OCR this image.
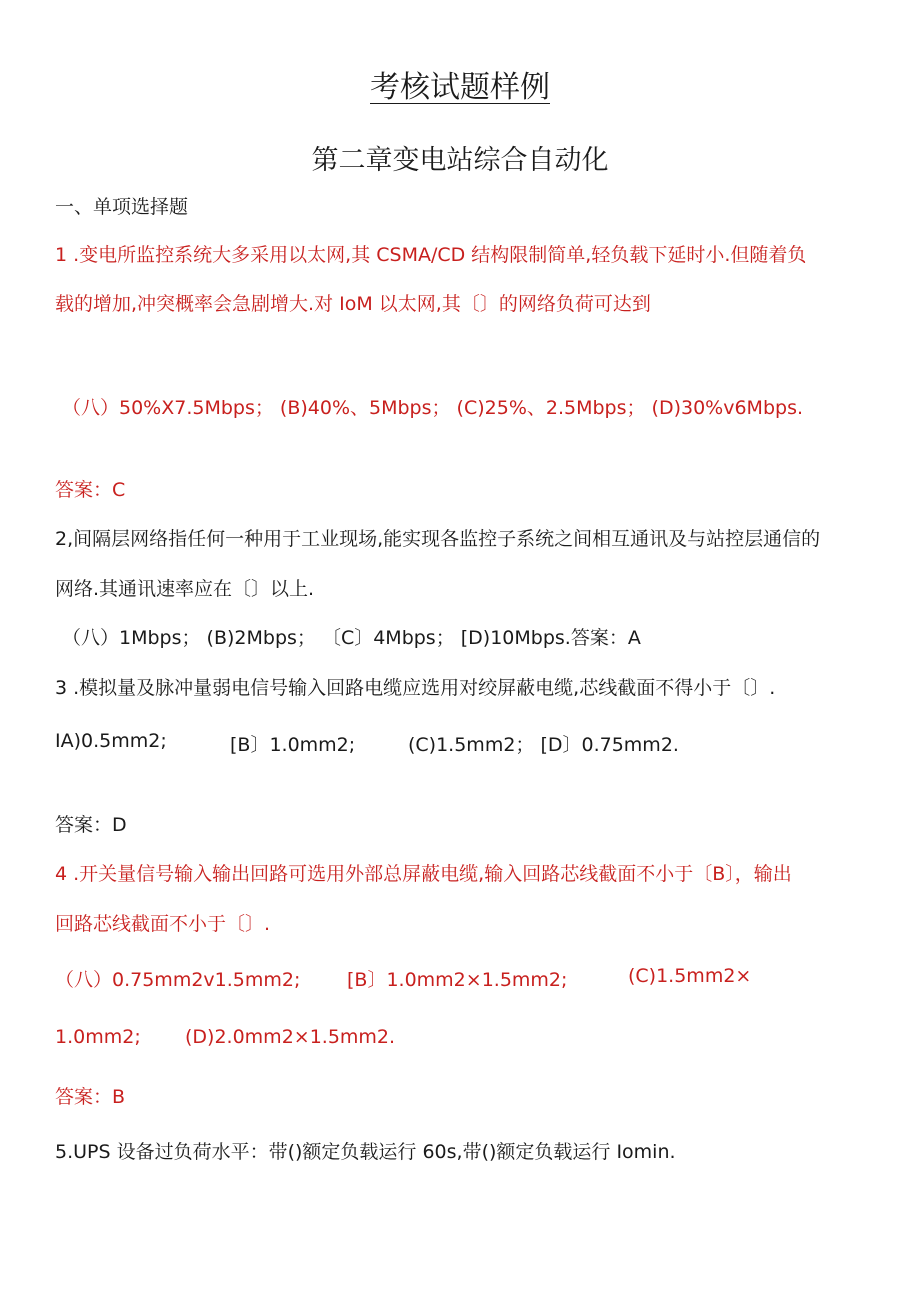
考核试题样例
第二章变电站综合自动化
一、单项选择题
1 .变电所监控系统大多采用以太网,其 CSMA/CD 结构限制简单,轻负载下延时小.但随着负
载的增加,冲突概率会急剧增大.对 IoM 以太网,其〔〕的网络负荷可达到
（八）50%X7.5Mbps； (B)40%、5Mbps； (C)25%、2.5Mbps； (D)30%v6Mbps.
答案：C
2,间隔层网络指任何一种用于工业现场,能实现各监控子系统之间相互通讯及与站控层通信的
网络.其通讯速率应在〔〕以上.
（八）1Mbps； (B)2Mbps； 〔C〕4Mbps； [D)10Mbps.答案：A
3 .模拟量及脉冲量弱电信号输入回路电缆应选用对绞屏蔽电缆,芯线截面不得小于〔〕.
IA)0.5mm2;	[B〕1.0mm2;	(C)1.5mm2； [D〕0.75mm2.
答案：D
4 .开关量信号输入输出回路可选用外部总屏蔽电缆,输入回路芯线截面不小于〔B〕，输出
回路芯线截面不小于〔〕.
（八）0.75mm2v1.5mm2; [B〕1.0mm2×1.5mm2;	(C)1.5mm2×
1.0mm2; (D)2.0mm2×1.5mm2.
答案：B
5.UPS 设备过负荷水平：带()额定负载运行 60s,带()额定负载运行 Iomin.
